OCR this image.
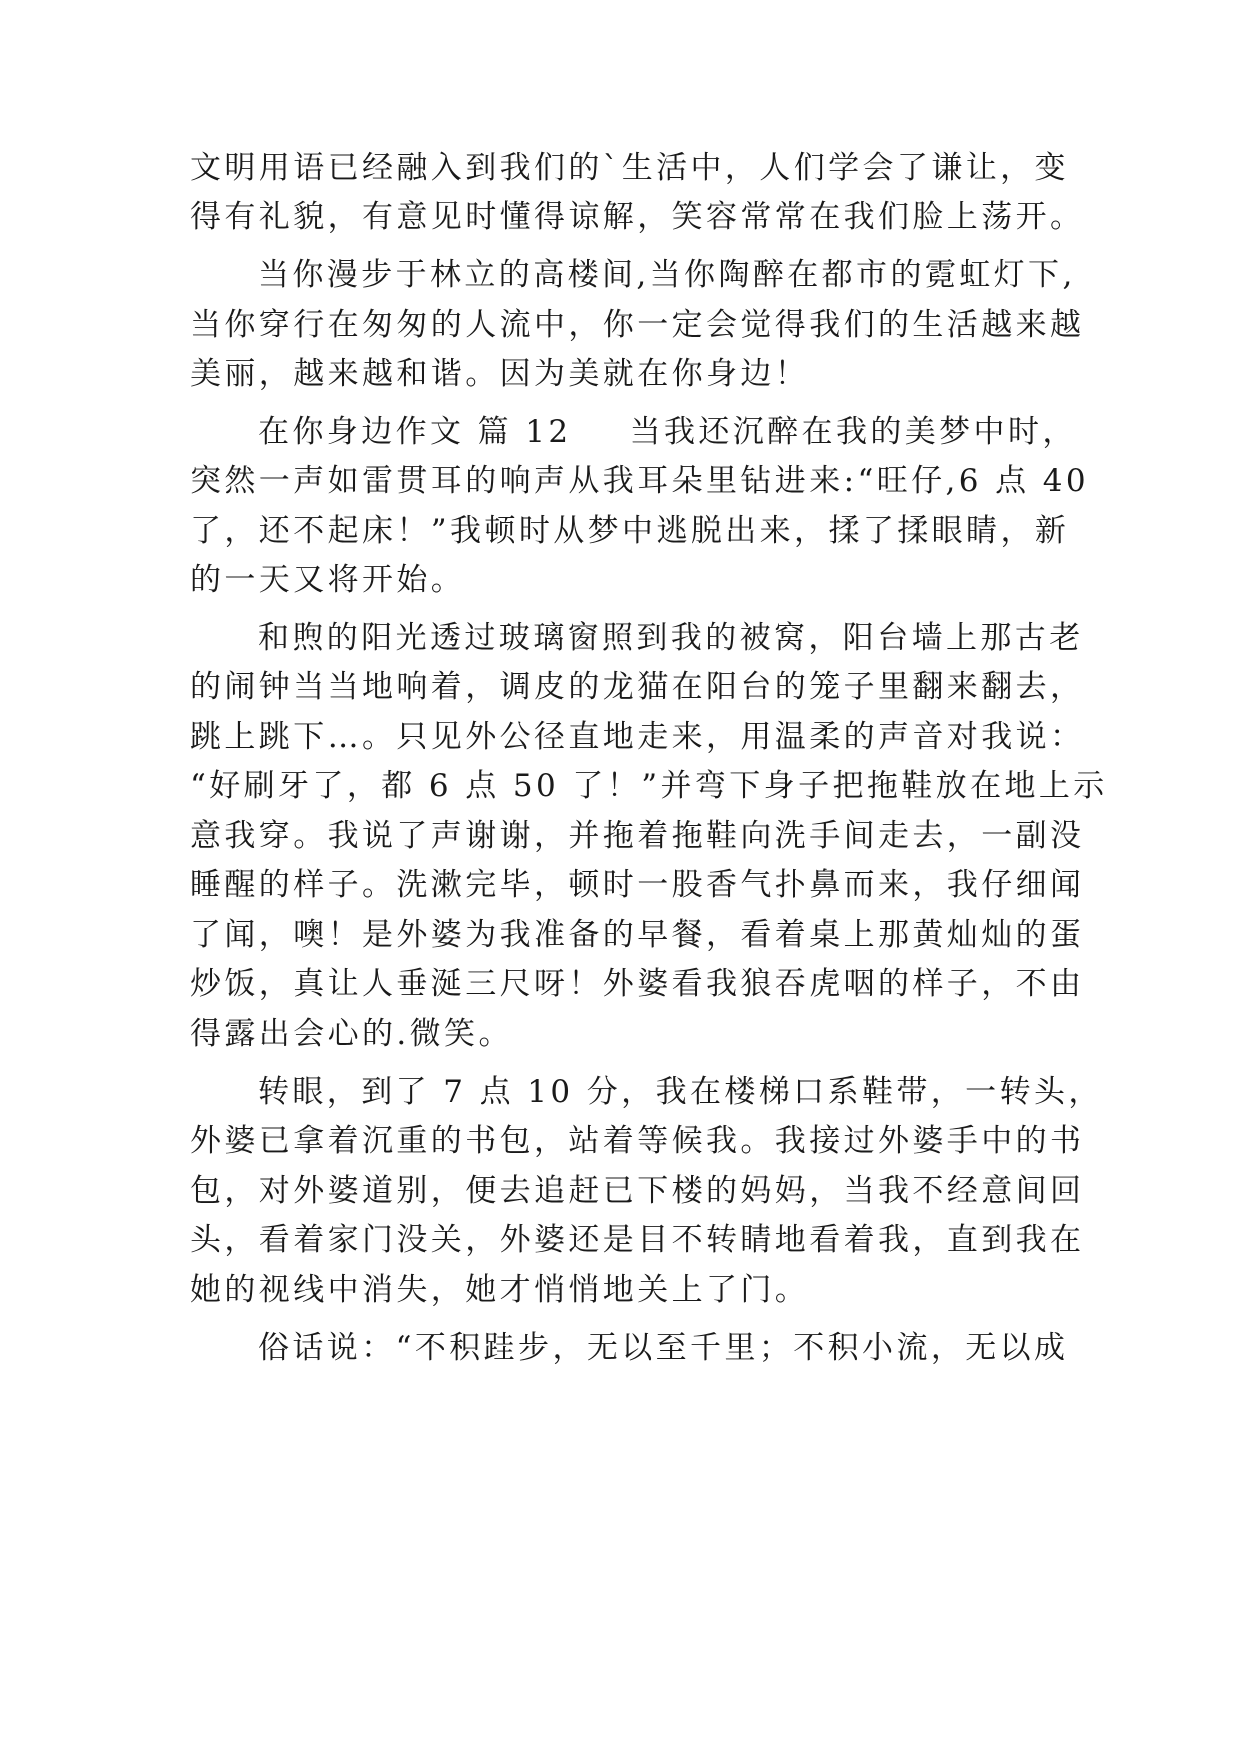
文明用语已经融入到我们的`生活中，人们学会了谦让，变
得有礼貌，有意见时懂得谅解，笑容常常在我们脸上荡开。
当你漫步于林立的高楼间,当你陶醉在都市的霓虹灯下,
当你穿行在匆匆的人流中，你一定会觉得我们的生活越来越
美丽，越来越和谐。因为美就在你身边！
在你身边作文 篇 12 当我还沉醉在我的美梦中时，
突然一声如雷贯耳的响声从我耳朵里钻进来:“旺仔,6 点 40
了，还不起床！”我顿时从梦中逃脱出来，揉了揉眼睛，新
的一天又将开始。
和煦的阳光透过玻璃窗照到我的被窝，阳台墙上那古老
的闹钟当当地响着，调皮的龙猫在阳台的笼子里翻来翻去，
跳上跳下…。只见外公径直地走来，用温柔的声音对我说：
“好刷牙了，都 6 点 50 了！”并弯下身子把拖鞋放在地上示
意我穿。我说了声谢谢，并拖着拖鞋向洗手间走去，一副没
睡醒的样子。洗漱完毕，顿时一股香气扑鼻而来，我仔细闻
了闻，噢！是外婆为我准备的早餐，看着桌上那黄灿灿的蛋
炒饭，真让人垂涎三尺呀！外婆看我狼吞虎咽的样子，不由
得露出会心的.微笑。
转眼，到了 7 点 10 分，我在楼梯口系鞋带，一转头，
外婆已拿着沉重的书包，站着等候我。我接过外婆手中的书
包，对外婆道别，便去追赶已下楼的妈妈，当我不经意间回
头，看着家门没关，外婆还是目不转睛地看着我，直到我在
她的视线中消失，她才悄悄地关上了门。
俗话说：“不积跬步，无以至千里；不积小流，无以成
